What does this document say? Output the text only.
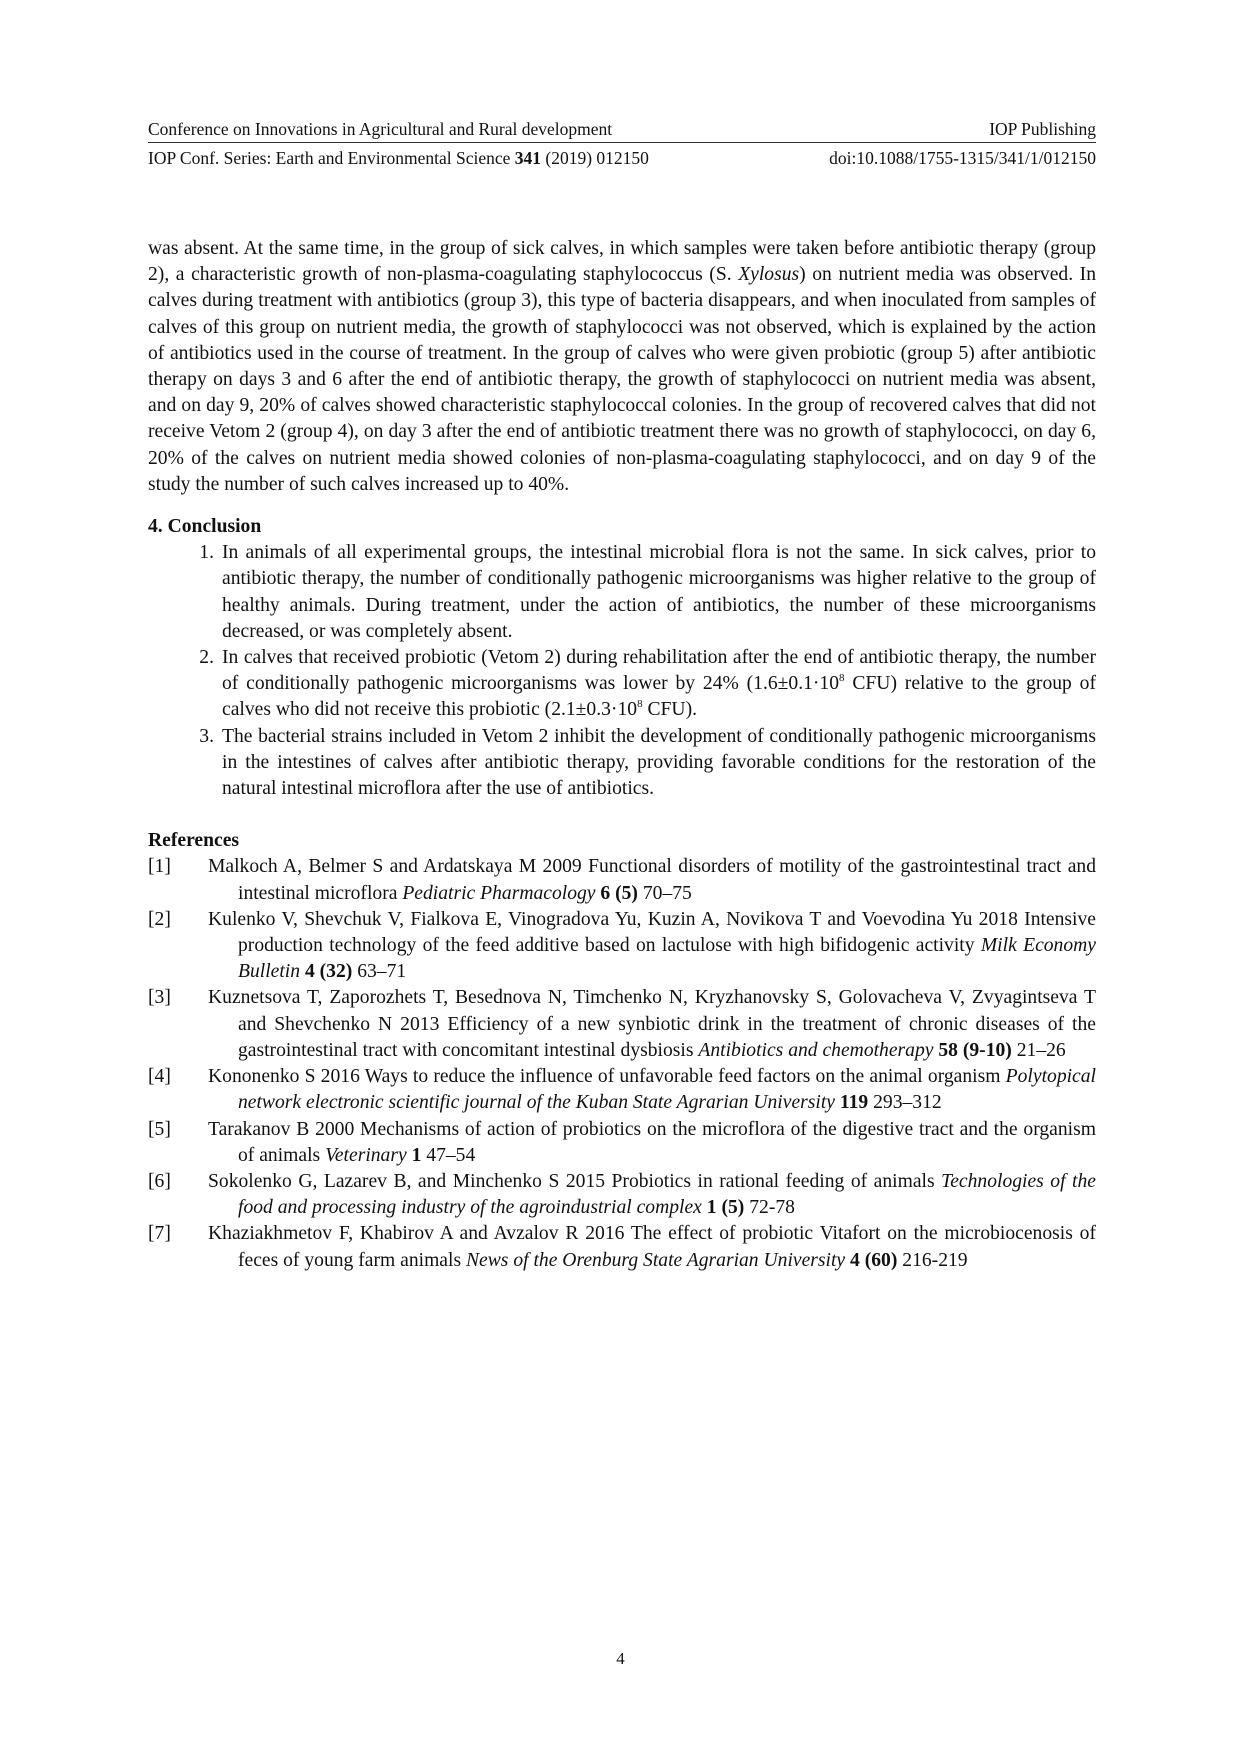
Conference on Innovations in Agricultural and Rural development	IOP Publishing
IOP Conf. Series: Earth and Environmental Science 341 (2019) 012150	doi:10.1088/1755-1315/341/1/012150

was absent. At the same time, in the group of sick calves, in which samples were taken before antibiotic therapy (group 2), a characteristic growth of non-plasma-coagulating staphylococcus (S. Xylosus) on nutrient media was observed. In calves during treatment with antibiotics (group 3), this type of bacteria disappears, and when inoculated from samples of calves of this group on nutrient media, the growth of staphylococci was not observed, which is explained by the action of antibiotics used in the course of treatment. In the group of calves who were given probiotic (group 5) after antibiotic therapy on days 3 and 6 after the end of antibiotic therapy, the growth of staphylococci on nutrient media was absent, and on day 9, 20% of calves showed characteristic staphylococcal colonies. In the group of recovered calves that did not receive Vetom 2 (group 4), on day 3 after the end of antibiotic treatment there was no growth of staphylococci, on day 6, 20% of the calves on nutrient media showed colonies of non-plasma-coagulating staphylococci, and on day 9 of the study the number of such calves increased up to 40%.

4. Conclusion
1. In animals of all experimental groups, the intestinal microbial flora is not the same. In sick calves, prior to antibiotic therapy, the number of conditionally pathogenic microorganisms was higher relative to the group of healthy animals. During treatment, under the action of antibiotics, the number of these microorganisms decreased, or was completely absent.
2. In calves that received probiotic (Vetom 2) during rehabilitation after the end of antibiotic therapy, the number of conditionally pathogenic microorganisms was lower by 24% ($1.6\pm 0.1\cdot 10^8$ CFU) relative to the group of calves who did not receive this probiotic ($2.1\pm 0.3\cdot 10^8$ CFU).
3. The bacterial strains included in Vetom 2 inhibit the development of conditionally pathogenic microorganisms in the intestines of calves after antibiotic therapy, providing favorable conditions for the restoration of the natural intestinal microflora after the use of antibiotics.
References
[1]	Malkoch A, Belmer S and Ardatskaya M 2009 Functional disorders of motility of the gastrointestinal tract and intestinal microflora Pediatric Pharmacology 6 (5) 70–75
[2]	Kulenko V, Shevchuk V, Fialkova E, Vinogradova Yu, Kuzin A, Novikova T and Voevodina Yu 2018 Intensive production technology of the feed additive based on lactulose with high bifidogenic activity Milk Economy Bulletin 4 (32) 63–71
[3]	Kuznetsova T, Zaporozhets T, Besednova N, Timchenko N, Kryzhanovsky S, Golovacheva V, Zvyagintseva T and Shevchenko N 2013 Efficiency of a new synbiotic drink in the treatment of chronic diseases of the gastrointestinal tract with concomitant intestinal dysbiosis Antibiotics and chemotherapy 58 (9-10) 21–26
[4]	Kononenko S 2016 Ways to reduce the influence of unfavorable feed factors on the animal organism Polytopical network electronic scientific journal of the Kuban State Agrarian University 119 293–312
[5]	Tarakanov B 2000 Mechanisms of action of probiotics on the microflora of the digestive tract and the organism of animals Veterinary 1 47–54
[6]	Sokolenko G, Lazarev B, and Minchenko S 2015 Probiotics in rational feeding of animals Technologies of the food and processing industry of the agroindustrial complex 1 (5) 72-78
[7]	Khaziakhmetov F, Khabirov A and Avzalov R 2016 The effect of probiotic Vitafort on the microbiocenosis of feces of young farm animals News of the Orenburg State Agrarian University 4 (60) 216-219
4
